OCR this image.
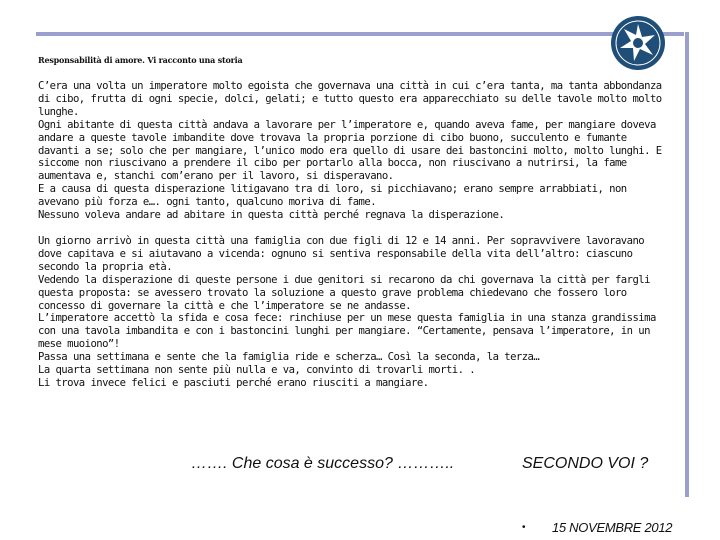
Responsabilità di amore. Vi racconto una storia

C’era una volta un imperatore molto egoista che governava una città in cui c’era tanta, ma tanta abbondanza di cibo, frutta di ogni specie, dolci, gelati; e tutto questo era apparecchiato su delle tavole molto molto lunghe.

Ogni abitante di questa città andava a lavorare per l’imperatore e, quando aveva fame, per mangiare doveva andare a queste tavole imbandite dove trovava la propria porzione di cibo buono, succulento e fumante davanti a se; solo che per mangiare, l’unico modo era quello di usare dei bastoncini molto, molto lunghi. E siccome non riuscivano a prendere il cibo per portarlo alla bocca, non riuscivano a nutrirsi, la fame aumentava e, stanchi com’erano per il lavoro, si disperavano.

E a causa di questa disperazione litigavano tra di loro, si picchiavano; erano sempre arrabbiati, non avevano più forza e…. ogni tanto, qualcuno moriva di fame.

Nessuno voleva andare ad abitare in questa città perché regnava la disperazione.

Un giorno arrivò in questa città una famiglia con due figli di 12 e 14 anni. Per sopravvivere lavoravano dove capitava e si aiutavano a vicenda: ognuno si sentiva responsabile della vita dell’altro: ciascuno secondo la propria età.

Vedendo la disperazione di queste persone i due genitori si recarono da chi governava la città per fargli questa proposta: se avessero trovato la soluzione a questo grave problema chiedevano che fossero loro concesso di governare la città e che l’imperatore se ne andasse.

L’imperatore accettò la sfida e cosa fece: rinchiuse per un mese questa famiglia in una stanza grandissima con una tavola imbandita e con i bastoncini lunghi per mangiare. “Certamente, pensava l’imperatore, in un mese muoiono”!

Passa una settimana e sente che la famiglia ride e scherza… Così la seconda, la terza…

La quarta settimana non sente più nulla e va, convinto di trovarli morti. .

Li trova invece felici e pasciuti perché erano riusciti a mangiare.

……. Che cosa è successo? ………..	SECONDO VOI ?
• 15 NOVEMBRE 2012
